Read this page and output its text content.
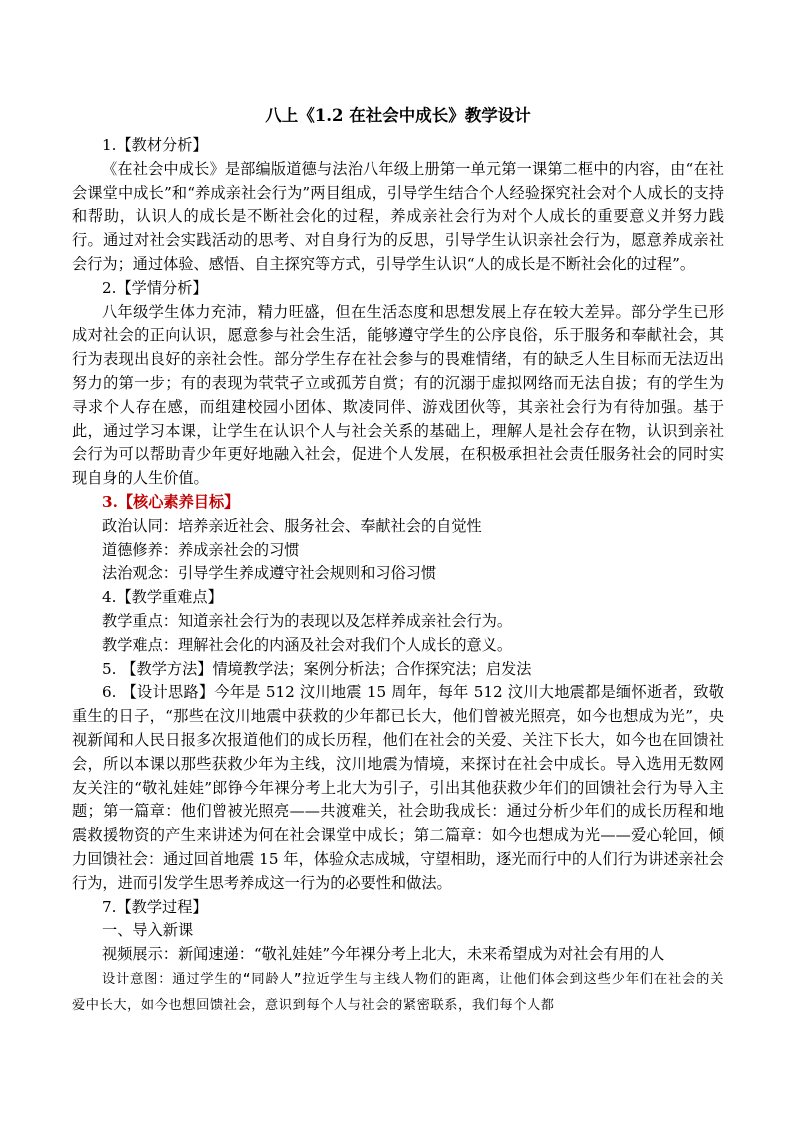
八上《1.2 在社会中成长》教学设计

1.【教材分析】

《在社会中成长》是部编版道德与法治八年级上册第一单元第一课第二框中的内容，由“在社会课堂中成长”和“养成亲社会行为”两目组成，引导学生结合个人经验探究社会对个人成长的支持和帮助，认识人的成长是不断社会化的过程，养成亲社会行为对个人成长的重要意义并努力践行。通过对社会实践活动的思考、对自身行为的反思，引导学生认识亲社会行为，愿意养成亲社会行为；通过体验、感悟、自主探究等方式，引导学生认识“人的成长是不断社会化的过程”。

2.【学情分析】

八年级学生体力充沛，精力旺盛，但在生活态度和思想发展上存在较大差异。部分学生已形成对社会的正向认识，愿意参与社会生活，能够遵守学生的公序良俗，乐于服务和奉献社会，其行为表现出良好的亲社会性。部分学生存在社会参与的畏难情绪，有的缺乏人生目标而无法迈出努力的第一步；有的表现为茕茕孑立或孤芳自赏；有的沉溺于虚拟网络而无法自拔；有的学生为寻求个人存在感，而组建校园小团体、欺凌同伴、游戏团伙等，其亲社会行为有待加强。基于此，通过学习本课，让学生在认识个人与社会关系的基础上，理解人是社会存在物，认识到亲社会行为可以帮助青少年更好地融入社会，促进个人发展，在积极承担社会责任服务社会的同时实现自身的人生价值。

3.【核心素养目标】

政治认同：培养亲近社会、服务社会、奉献社会的自觉性

道德修养：养成亲社会的习惯

法治观念：引导学生养成遵守社会规则和习俗习惯

4.【教学重难点】

教学重点：知道亲社会行为的表现以及怎样养成亲社会行为。

教学难点：理解社会化的内涵及社会对我们个人成长的意义。

5. 【教学方法】情境教学法；案例分析法；合作探究法；启发法

6. 【设计思路】今年是 512 汶川地震 15 周年，每年 512 汶川大地震都是缅怀逝者，致敬重生的日子，“那些在汶川地震中获救的少年都已长大，他们曾被光照亮，如今也想成为光”，央视新闻和人民日报多次报道他们的成长历程，他们在社会的关爱、关注下长大，如今也在回馈社会，所以本课以那些获救少年为主线，汶川地震为情境，来探讨在社会中成长。导入选用无数网友关注的“敬礼娃娃”郎铮今年裸分考上北大为引子，引出其他获救少年们的回馈社会行为导入主题；第一篇章：他们曾被光照亮——共渡难关，社会助我成长：通过分析少年们的成长历程和地震救援物资的产生来讲述为何在社会课堂中成长；第二篇章：如今也想成为光——爱心轮回，倾力回馈社会：通过回首地震 15 年，体验众志成城，守望相助，逐光而行中的人们行为讲述亲社会行为，进而引发学生思考养成这一行为的必要性和做法。

7.【教学过程】

一、导入新课

视频展示：新闻速递：“敬礼娃娃”今年裸分考上北大，未来希望成为对社会有用的人

设计意图：通过学生的“同龄人”拉近学生与主线人物们的距离，让他们体会到这些少年们在社会的关爱中长大，如今也想回馈社会，意识到每个人与社会的紧密联系，我们每个人都
